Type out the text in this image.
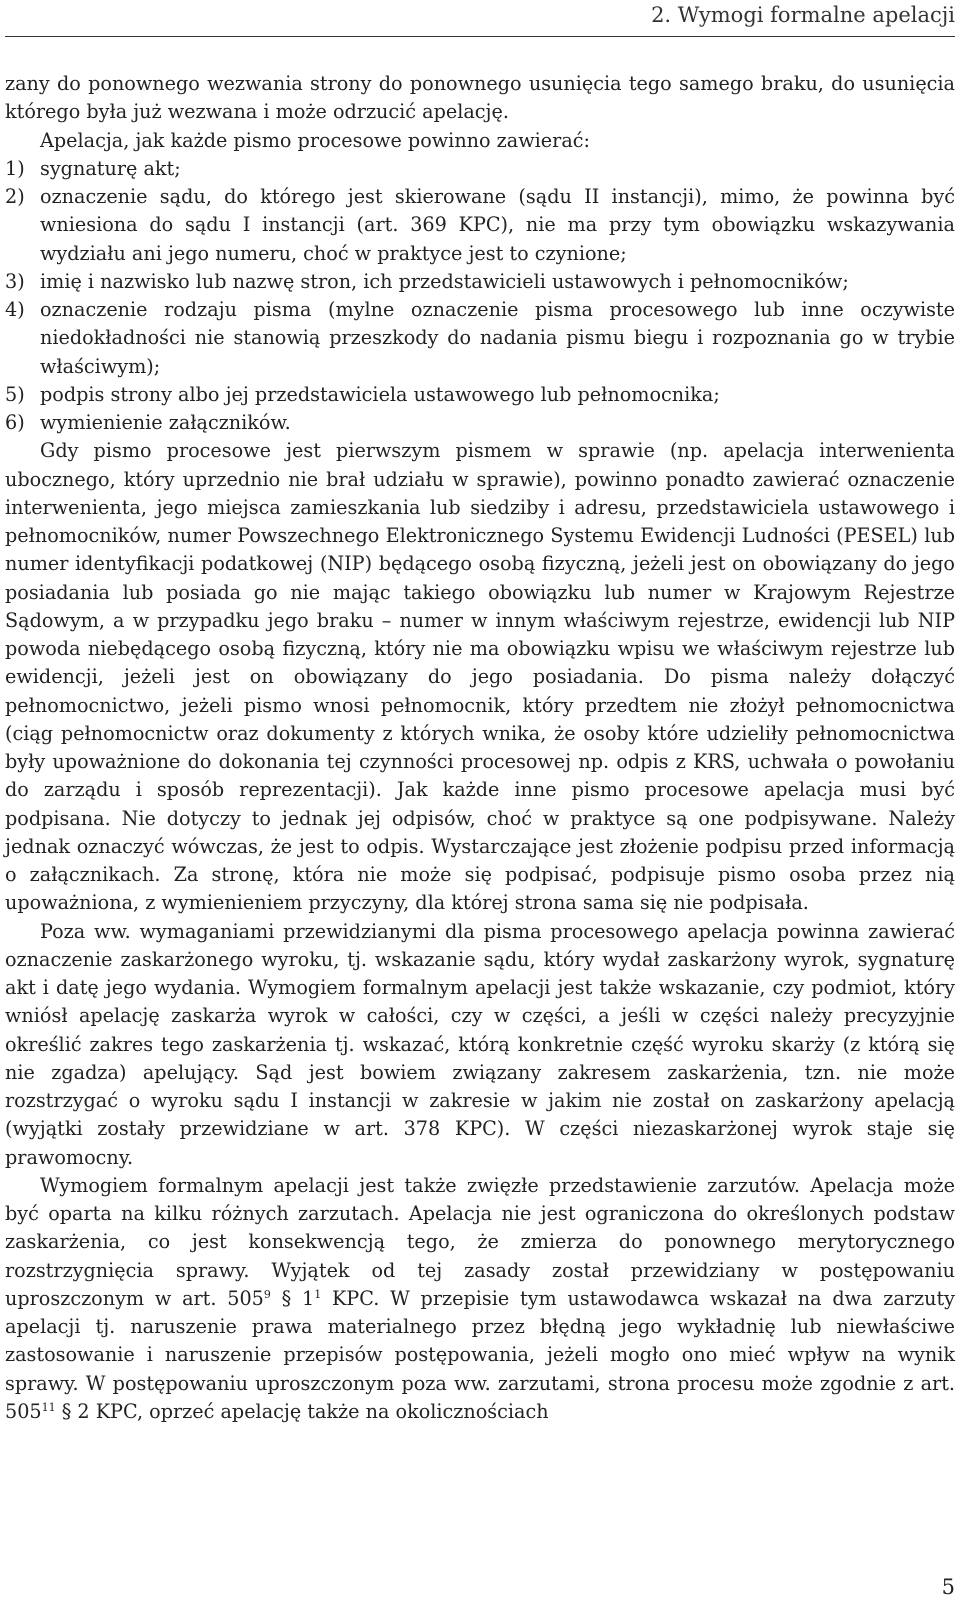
2. Wymogi formalne apelacji

zany do ponownego wezwania strony do ponownego usunięcia tego samego braku, do usunięcia którego była już wezwana i może odrzucić apelację.

Apelacja, jak każde pismo procesowe powinno zawierać:

1) sygnaturę akt;

2) oznaczenie sądu, do którego jest skierowane (sądu II instancji), mimo, że powinna być wniesiona do sądu I instancji (art. 369 KPC), nie ma przy tym obowiązku wskazywania wydziału ani jego numeru, choć w praktyce jest to czynione;

3) imię i nazwisko lub nazwę stron, ich przedstawicieli ustawowych i pełnomocników;

4) oznaczenie rodzaju pisma (mylne oznaczenie pisma procesowego lub inne oczywiste niedokładności nie stanowią przeszkody do nadania pismu biegu i rozpoznania go w trybie właściwym);

5) podpis strony albo jej przedstawiciela ustawowego lub pełnomocnika;

6) wymienienie załączników.

Gdy pismo procesowe jest pierwszym pismem w sprawie (np. apelacja interwenienta ubocznego, który uprzednio nie brał udziału w sprawie), powinno ponadto zawierać oznaczenie interwenienta, jego miejsca zamieszkania lub siedziby i adresu, przedstawiciela ustawowego i pełnomocników, numer Powszechnego Elektronicznego Systemu Ewidencji Ludności (PESEL) lub numer identyfikacji podatkowej (NIP) będącego osobą fizyczną, jeżeli jest on obowiązany do jego posiadania lub posiada go nie mając takiego obowiązku lub numer w Krajowym Rejestrze Sądowym, a w przypadku jego braku – numer w innym właściwym rejestrze, ewidencji lub NIP powoda niebędącego osobą fizyczną, który nie ma obowiązku wpisu we właściwym rejestrze lub ewidencji, jeżeli jest on obowiązany do jego posiadania. Do pisma należy dołączyć pełnomocnictwo, jeżeli pismo wnosi pełnomocnik, który przedtem nie złożył pełnomocnictwa (ciąg pełnomocnictw oraz dokumenty z których wnika, że osoby które udzieliły pełnomocnictwa były upoważnione do dokonania tej czynności procesowej np. odpis z KRS, uchwała o powołaniu do zarządu i sposób reprezentacji). Jak każde inne pismo procesowe apelacja musi być podpisana. Nie dotyczy to jednak jej odpisów, choć w praktyce są one podpisywane. Należy jednak oznaczyć wówczas, że jest to odpis. Wystarczające jest złożenie podpisu przed informacją o załącznikach. Za stronę, która nie może się podpisać, podpisuje pismo osoba przez nią upoważniona, z wymienieniem przyczyny, dla której strona sama się nie podpisała.

Poza ww. wymaganiami przewidzianymi dla pisma procesowego apelacja powinna zawierać oznaczenie zaskarżonego wyroku, tj. wskazanie sądu, który wydał zaskarżony wyrok, sygnaturę akt i datę jego wydania. Wymogiem formalnym apelacji jest także wskazanie, czy podmiot, który wniósł apelację zaskarża wyrok w całości, czy w części, a jeśli w części należy precyzyjnie określić zakres tego zaskarżenia tj. wskazać, którą konkretnie część wyroku skarży (z którą się nie zgadza) apelujący. Sąd jest bowiem związany zakresem zaskarżenia, tzn. nie może rozstrzygać o wyroku sądu I instancji w zakresie w jakim nie został on zaskarżony apelacją (wyjątki zostały przewidziane w art. 378 KPC). W części niezaskarżonej wyrok staje się prawomocny.

Wymogiem formalnym apelacji jest także zwięzłe przedstawienie zarzutów. Apelacja może być oparta na kilku różnych zarzutach. Apelacja nie jest ograniczona do określonych podstaw zaskarżenia, co jest konsekwencją tego, że zmierza do ponownego merytorycznego rozstrzygnięcia sprawy. Wyjątek od tej zasady został przewidziany w postępowaniu uproszczonym w art. $505^9$ § $1^1$ KPC. W przepisie tym ustawodawca wskazał na dwa zarzuty apelacji tj. naruszenie prawa materialnego przez błędną jego wykładnię lub niewłaściwe zastosowanie i naruszenie przepisów postępowania, jeżeli mogło ono mieć wpływ na wynik sprawy. W postępowaniu uproszczonym poza ww. zarzutami, strona procesu może zgodnie z art. $505^{11}$ § 2 KPC, oprzeć apelację także na okolicznościach

5
